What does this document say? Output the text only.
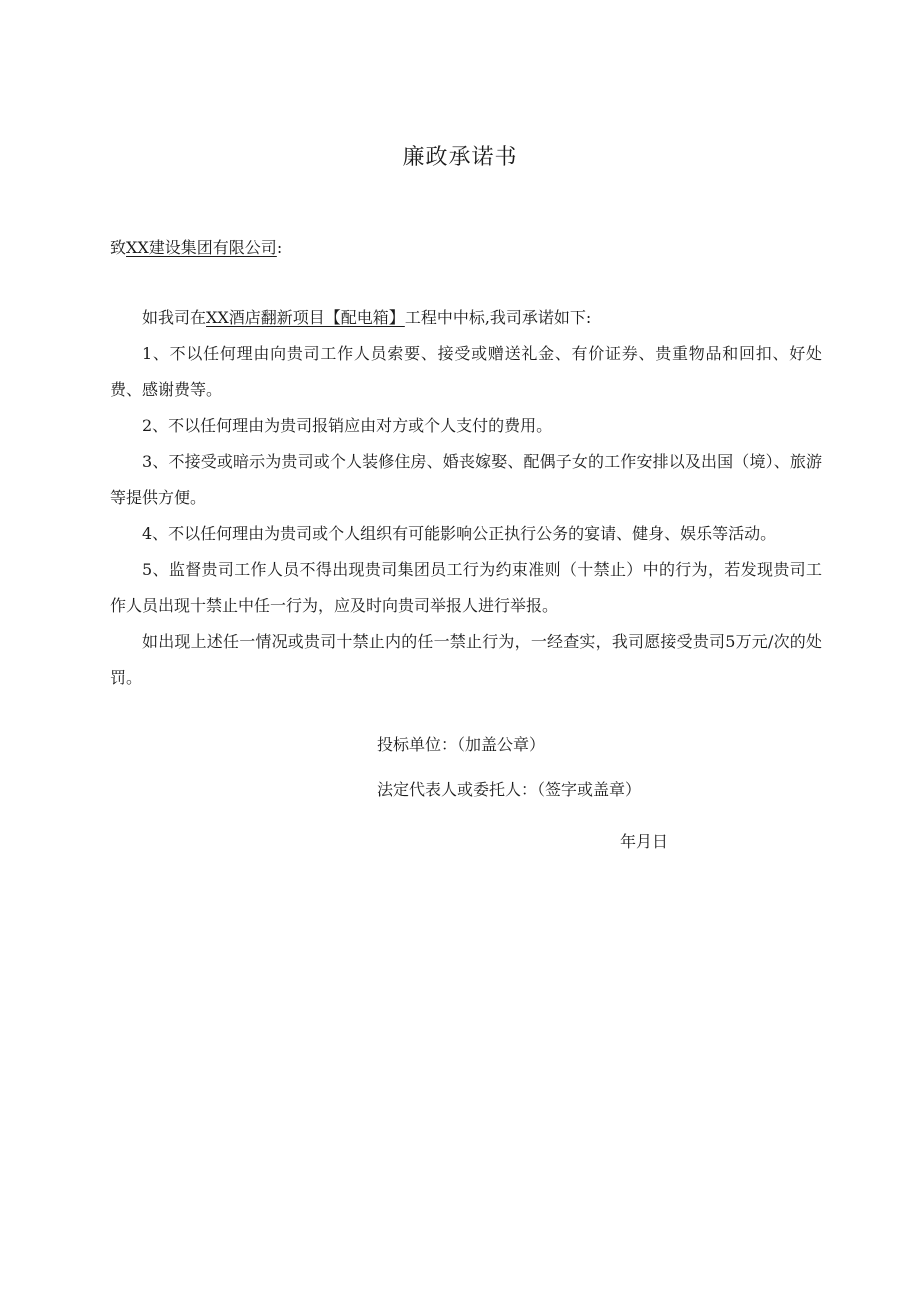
廉政承诺书
致XX建设集团有限公司:

如我司在XX酒店翻新项目【配电箱】工程中中标,我司承诺如下:

1、不以任何理由向贵司工作人员索要、接受或赠送礼金、有价证券、贵重物品和回扣、好处费、感谢费等。

2、不以任何理由为贵司报销应由对方或个人支付的费用。

3、不接受或暗示为贵司或个人装修住房、婚丧嫁娶、配偶子女的工作安排以及出国（境）、旅游等提供方便。

4、不以任何理由为贵司或个人组织有可能影响公正执行公务的宴请、健身、娱乐等活动。

5、监督贵司工作人员不得出现贵司集团员工行为约束准则（十禁止）中的行为，若发现贵司工作人员出现十禁止中任一行为，应及时向贵司举报人进行举报。

如出现上述任一情况或贵司十禁止内的任一禁止行为，一经查实，我司愿接受贵司5万元/次的处罚。

投标单位：（加盖公章）
法定代表人或委托人：（签字或盖章）
年月日
